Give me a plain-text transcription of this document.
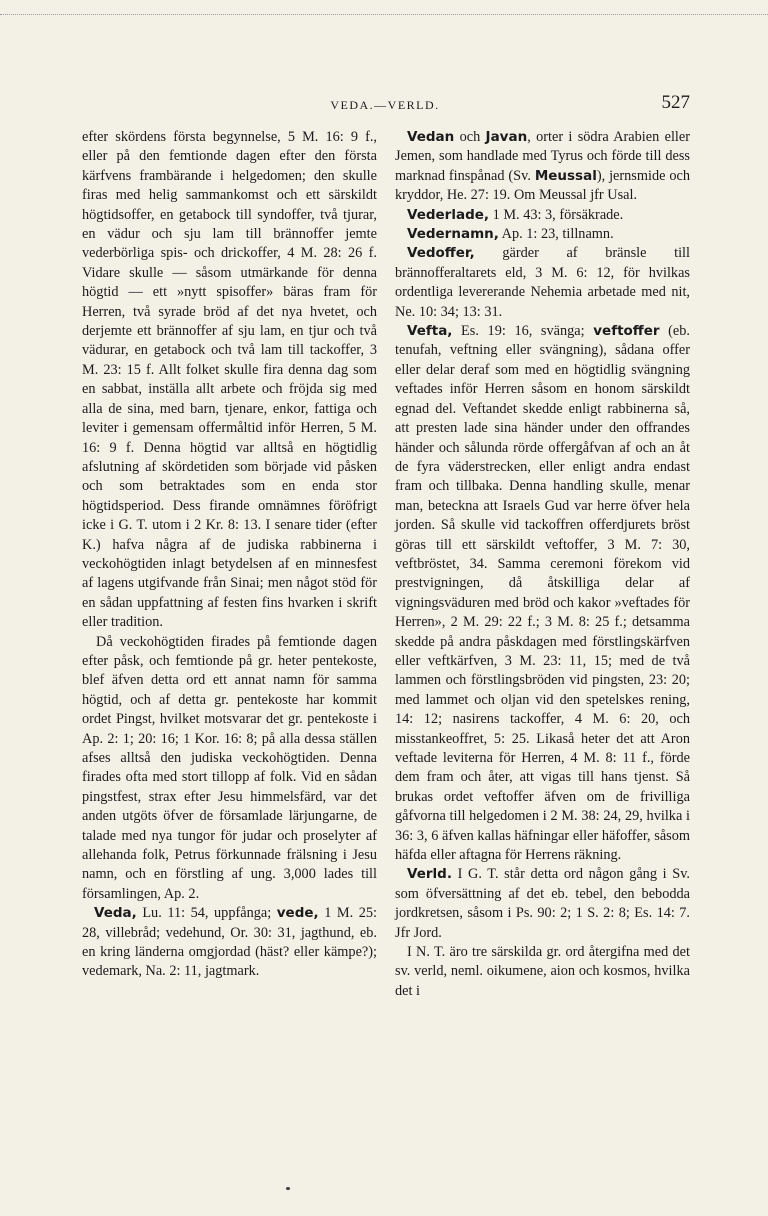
VEDA.—VERLD.	527

efter skördens första begynnelse, 5 M. 16: 9 f., eller på den femtionde dagen efter den första kärfvens frambärande i helgedomen; den skulle firas med helig sammankomst och ett särskildt högtidsoffer, en getabock till syndoffer, två tjurar, en vädur och sju lam till brännoffer jemte vederbörliga spis- och drickoffer, 4 M. 28: 26 f. Vidare skulle — såsom utmärkande för denna högtid — ett »nytt spisoffer» bäras fram för Herren, två syrade bröd af det nya hvetet, och derjemte ett brännoffer af sju lam, en tjur och två vädurar, en getabock och två lam till tackoffer, 3 M. 23: 15 f. Allt folket skulle fira denna dag som en sabbat, inställa allt arbete och fröjda sig med alla de sina, med barn, tjenare, enkor, fattiga och leviter i gemensam offermåltid inför Herren, 5 M. 16: 9 f. Denna högtid var alltså en högtidlig afslutning af skördetiden som började vid påsken och som betraktades som en enda stor högtidsperiod. Dess firande omnämnes föröfrigt icke i G. T. utom i 2 Kr. 8: 13. I senare tider (efter K.) hafva några af de judiska rabbinerna i veckohögtiden inlagt betydelsen af en minnesfest af lagens utgifvande från Sinai; men något stöd för en sådan uppfattning af festen fins hvarken i skrift eller tradition.

Då veckohögtiden firades på femtionde dagen efter påsk, och femtionde på gr. heter pentekoste, blef äfven detta ord ett annat namn för samma högtid, och af detta gr. pentekoste har kommit ordet Pingst, hvilket motsvarar det gr. pentekoste i Ap. 2: 1; 20: 16; 1 Kor. 16: 8; på alla dessa ställen afses alltså den judiska veckohögtiden. Denna firades ofta med stort tillopp af folk. Vid en sådan pingstfest, strax efter Jesu himmelsfärd, var det anden utgöts öfver de församlade lärjungarne, de talade med nya tungor för judar och proselyter af allehanda folk, Petrus förkunnade frälsning i Jesu namn, och en förstling af ung. 3,000 lades till församlingen, Ap. 2.

Veda, Lu. 11: 54, uppfånga; vede, 1 M. 25: 28, villebråd; vedehund, Or. 30: 31, jagthund, eb. en kring länderna omgjordad (häst? eller kämpe?); vedemark, Na. 2: 11, jagtmark.

Vedan och Javan, orter i södra Arabien eller Jemen, som handlade med Tyrus och förde till dess marknad finspånad (Sv. Meussal), jernsmide och kryddor, He. 27: 19. Om Meussal jfr Usal.

Vederlade, 1 M. 43: 3, försäkrade.

Vedernamn, Ap. 1: 23, tillnamn.

Vedoffer, gärder af bränsle till brännofferaltarets eld, 3 M. 6: 12, för hvilkas ordentliga levererande Nehemia arbetade med nit, Ne. 10: 34; 13: 31.

Vefta, Es. 19: 16, svänga; veftoffer (eb. tenufah, veftning eller svängning), sådana offer eller delar deraf som med en högtidlig svängning veftades inför Herren såsom en honom särskildt egnad del. Veftandet skedde enligt rabbinerna så, att presten lade sina händer under den offrandes händer och sålunda rörde offergåfvan af och an åt de fyra väderstrecken, eller enligt andra endast fram och tillbaka. Denna handling skulle, menar man, beteckna att Israels Gud var herre öfver hela jorden. Så skulle vid tackoffren offerdjurets bröst göras till ett särskildt veftoffer, 3 M. 7: 30, veftbröstet, 34. Samma ceremoni förekom vid prestvigningen, då åtskilliga delar af vigningsväduren med bröd och kakor »veftades för Herren», 2 M. 29: 22 f.; 3 M. 8: 25 f.; detsamma skedde på andra påskdagen med förstlingskärfven eller veftkärfven, 3 M. 23: 11, 15; med de två lammen och förstlingsbröden vid pingsten, 23: 20; med lammet och oljan vid den spetelskes rening, 14: 12; nasirens tackoffer, 4 M. 6: 20, och misstankeoffret, 5: 25. Likaså heter det att Aron veftade leviterna för Herren, 4 M. 8: 11 f., förde dem fram och åter, att vigas till hans tjenst. Så brukas ordet veftoffer äfven om de frivilliga gåfvorna till helgedomen i 2 M. 38: 24, 29, hvilka i 36: 3, 6 äfven kallas häfningar eller häfoffer, såsom häfda eller aftagna för Herrens räkning.

Verld. I G. T. står detta ord någon gång i Sv. som öfversättning af det eb. tebel, den bebodda jordkretsen, såsom i Ps. 90: 2; 1 S. 2: 8; Es. 14: 7. Jfr Jord.

I N. T. äro tre särskilda gr. ord återgifna med det sv. verld, neml. oikumene, aion och kosmos, hvilka det i
